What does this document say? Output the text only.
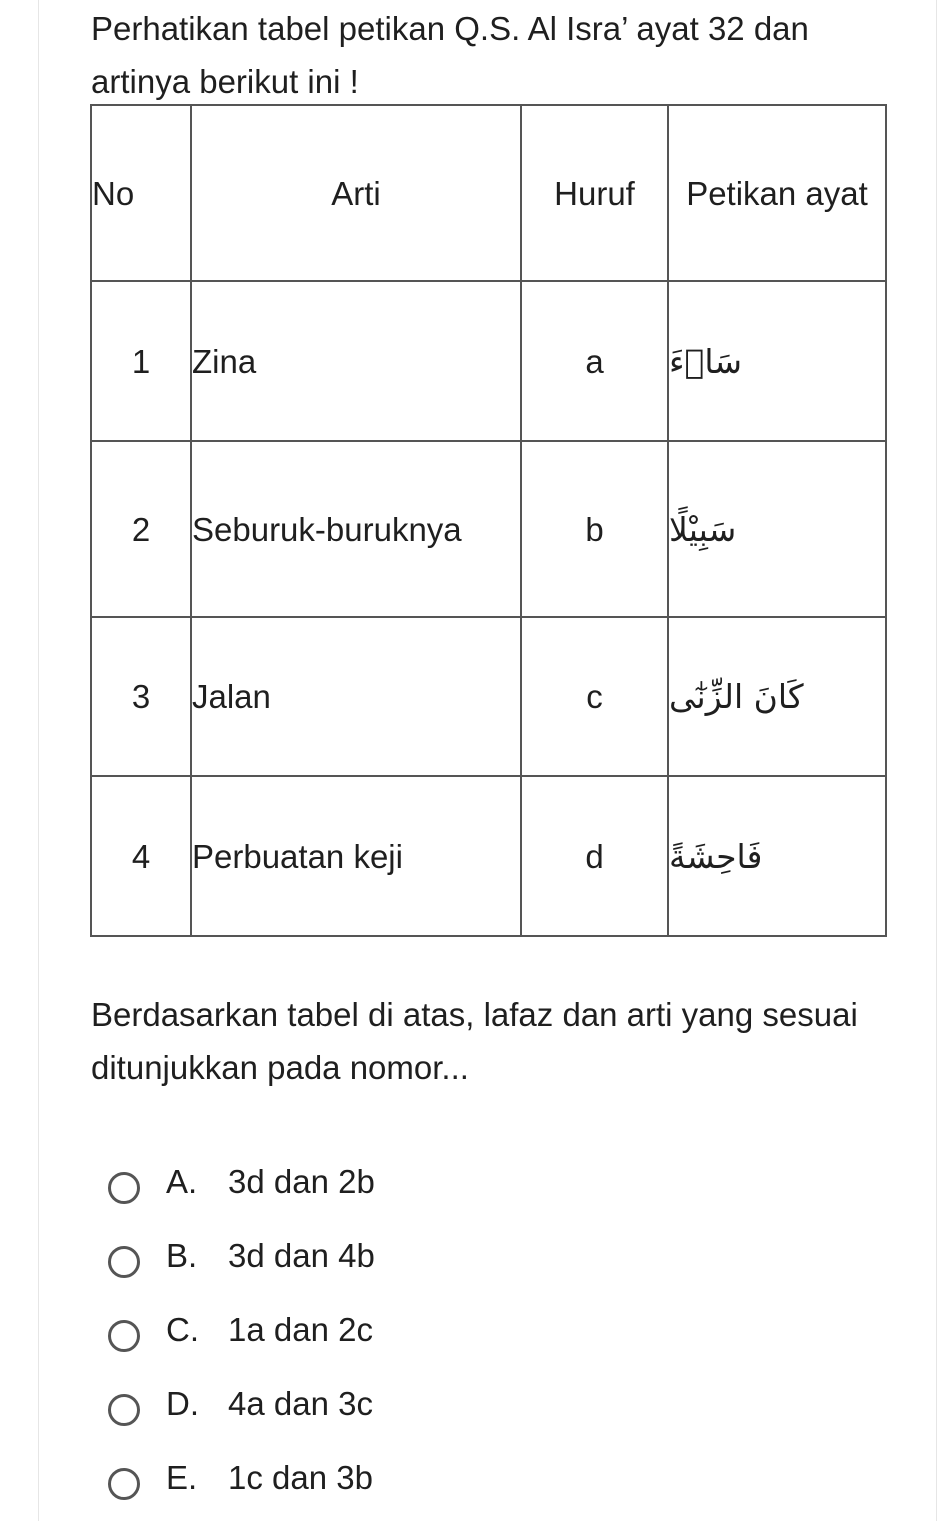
Perhatikan tabel petikan Q.S. Al Isra’ ayat 32 dan artinya berikut ini !

No	Arti	Huruf	Petikan ayat
1	Zina	a	سَاۤءَ
2	Seburuk-buruknya	b	سَبِيْلًا
3	Jalan	c	كَانَ الزِّنٰٓى
4	Perbuatan keji	d	فَاحِشَةً

Berdasarkan tabel di atas, lafaz dan arti yang sesuai ditunjukkan pada nomor...

A. 3d dan 2b
B. 3d dan 4b
C. 1a dan 2c
D. 4a dan 3c
E. 1c dan 3b
